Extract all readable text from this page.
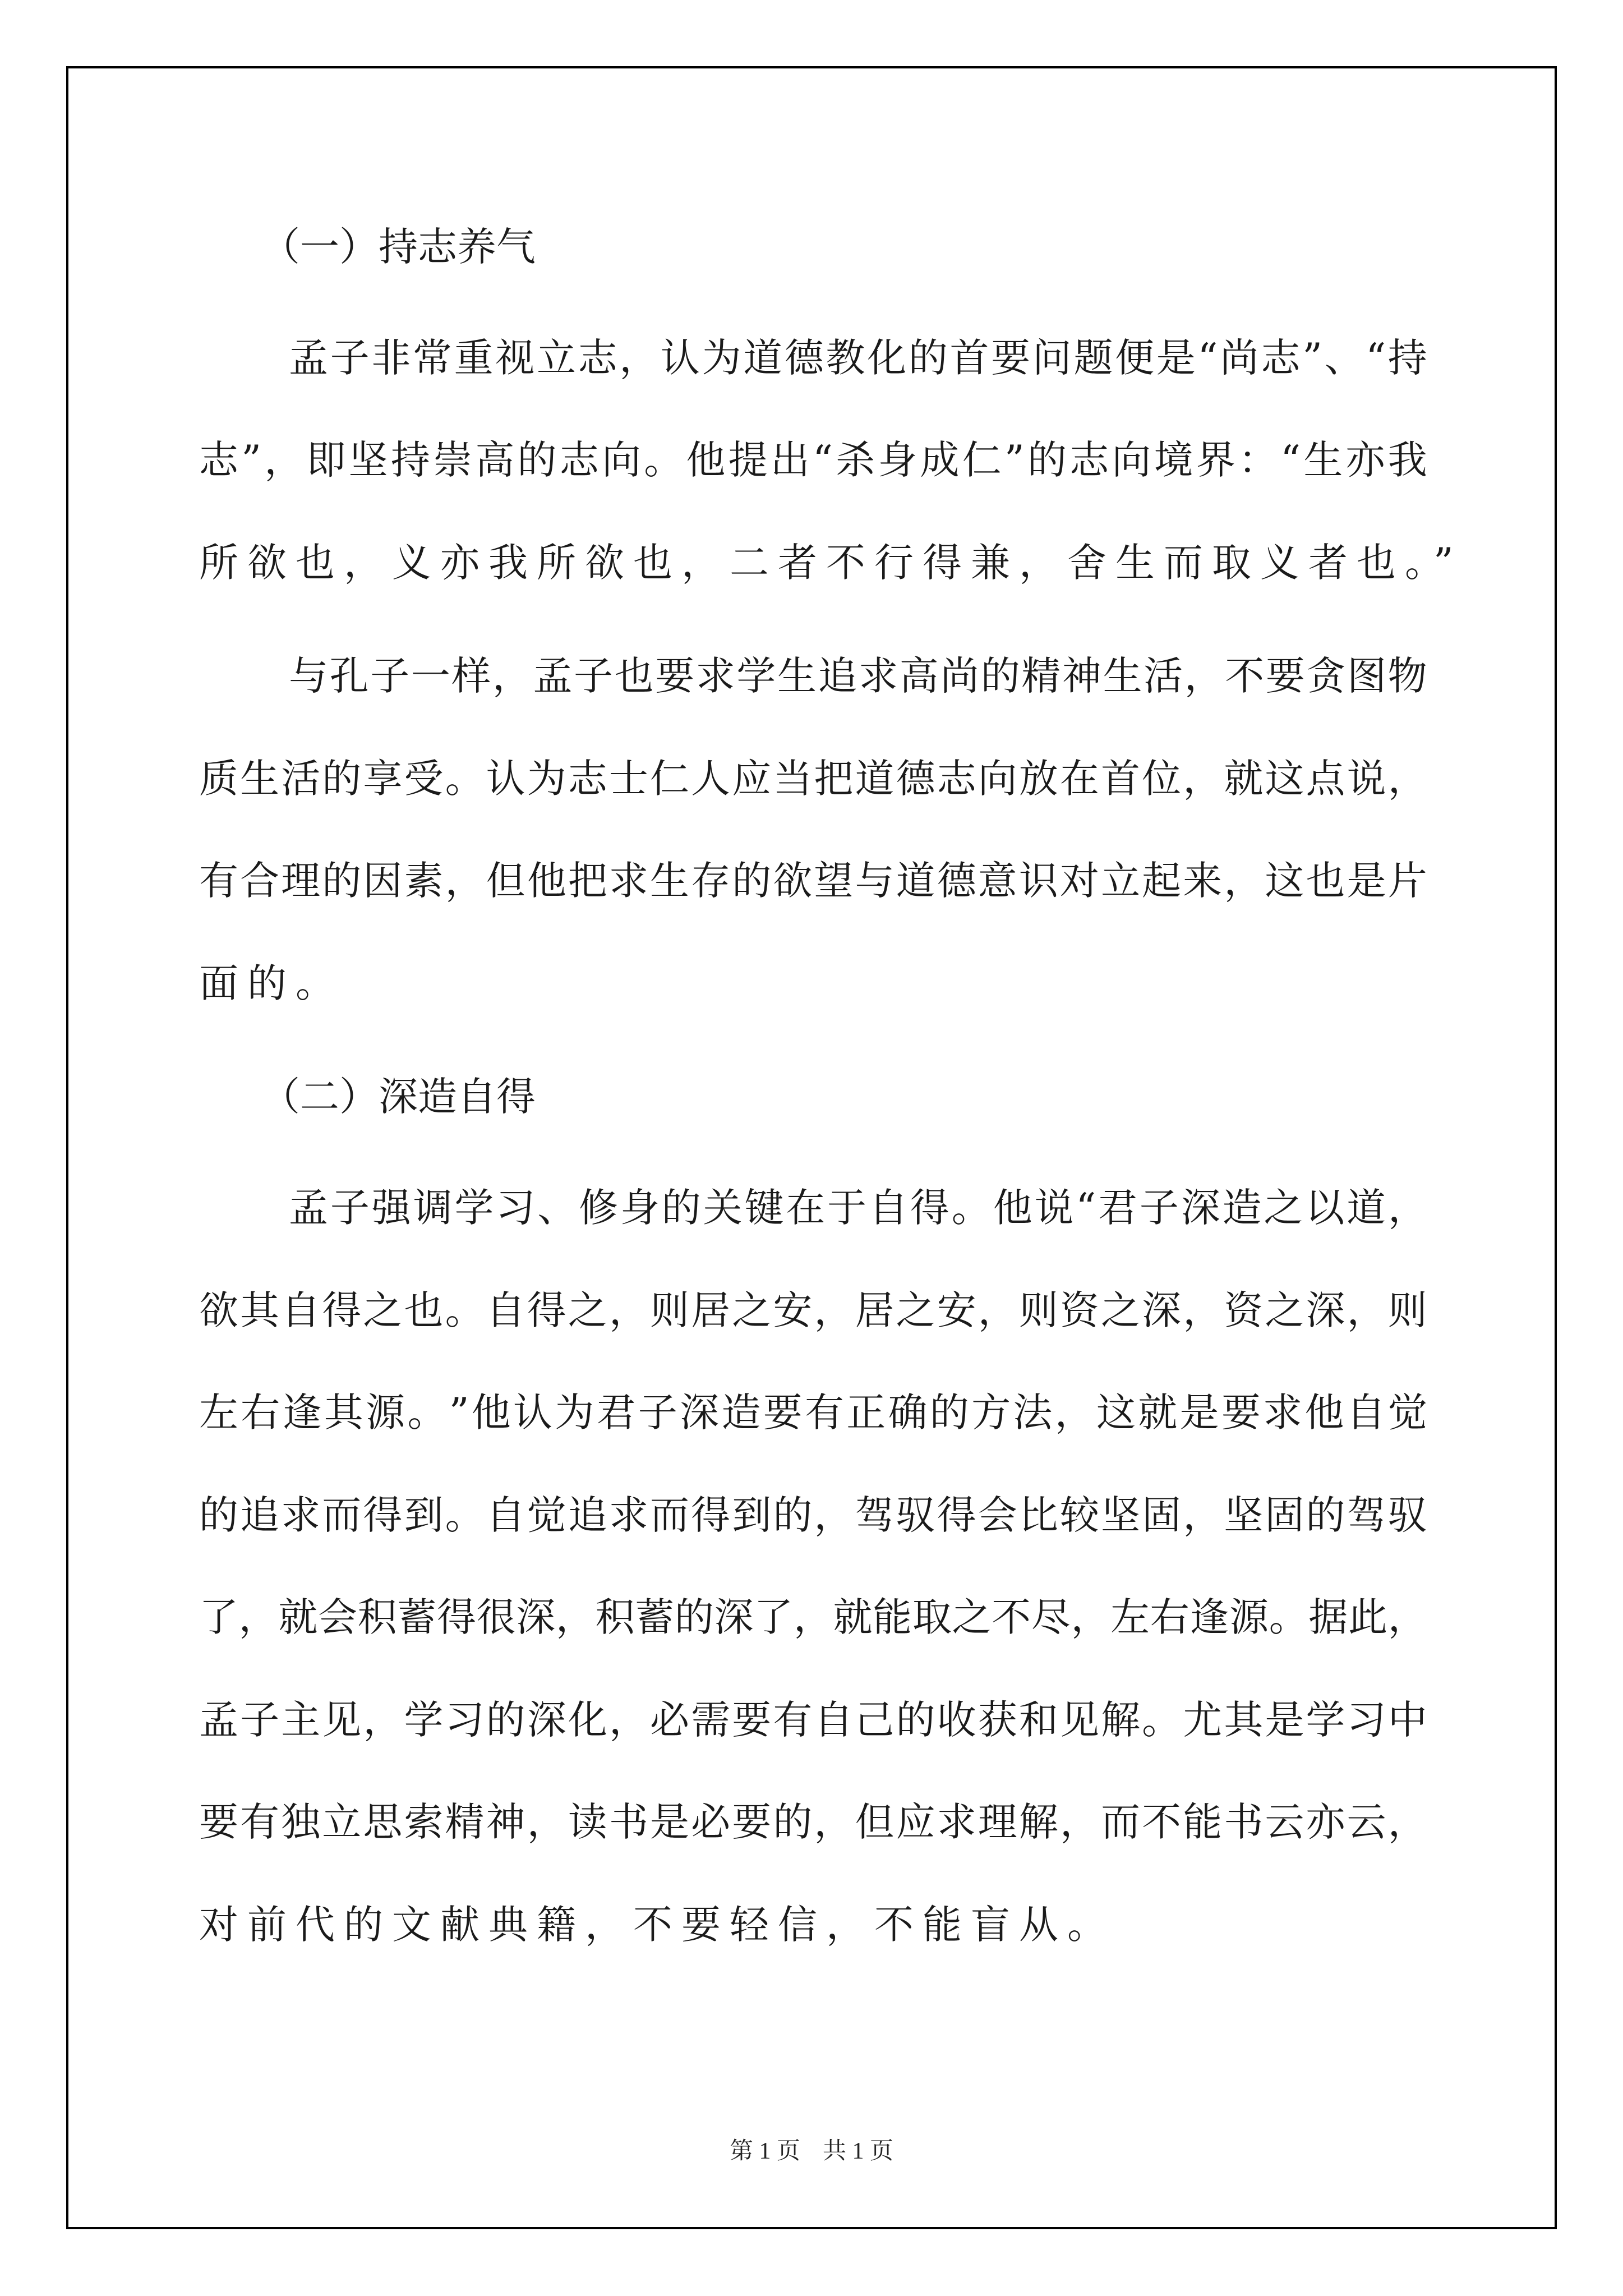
（一）持志养气
孟 子 非 常 重 视 立 志 ， 认 为 道 德 教 化 的 首 要 问 题 便 是 “ 尚 志 ” 、 “ 持
志 ” ， 即 坚 持 崇 高 的 志 向 。 他 提 出 “ 杀 身 成 仁 ” 的 志 向 境 界 ： “ 生 亦 我
所欲也，义亦我所欲也，二者不行得兼，舍生而取义者也。”
与 孔 子 一 样 ， 孟 子 也 要 求 学 生 追 求 高 尚 的 精 神 生 活 ， 不 要 贪 图 物
质 生 活 的 享 受 。 认 为 志 士 仁 人 应 当 把 道 德 志 向 放 在 首 位 ， 就 这 点 说 ，
有 合 理 的 因 素 ， 但 他 把 求 生 存 的 欲 望 与 道 德 意 识 对 立 起 来 ， 这 也 是 片
面的。
（二）深造自得
孟 子 强 调 学 习 、 修 身 的 关 键 在 于 自 得 。 他 说 “ 君 子 深 造 之 以 道 ，
欲 其 自 得 之 也 。 自 得 之 ， 则 居 之 安 ， 居 之 安 ， 则 资 之 深 ， 资 之 深 ， 则
左 右 逢 其 源 。 ” 他 认 为 君 子 深 造 要 有 正 确 的 方 法 ， 这 就 是 要 求 他 自 觉
的 追 求 而 得 到 。 自 觉 追 求 而 得 到 的 ， 驾 驭 得 会 比 较 坚 固 ， 坚 固 的 驾 驭
了 ， 就 会 积 蓄 得 很 深 ， 积 蓄 的 深 了 ， 就 能 取 之 不 尽 ， 左 右 逢 源 。 据 此 ，
孟 子 主 见 ， 学 习 的 深 化 ， 必 需 要 有 自 己 的 收 获 和 见 解 。 尤 其 是 学 习 中
要 有 独 立 思 索 精 神 ， 读 书 是 必 要 的 ， 但 应 求 理 解 ， 而 不 能 书 云 亦 云 ，
对前代的文献典籍，不要轻信，不能盲从。
第 1 页 共 1 页
